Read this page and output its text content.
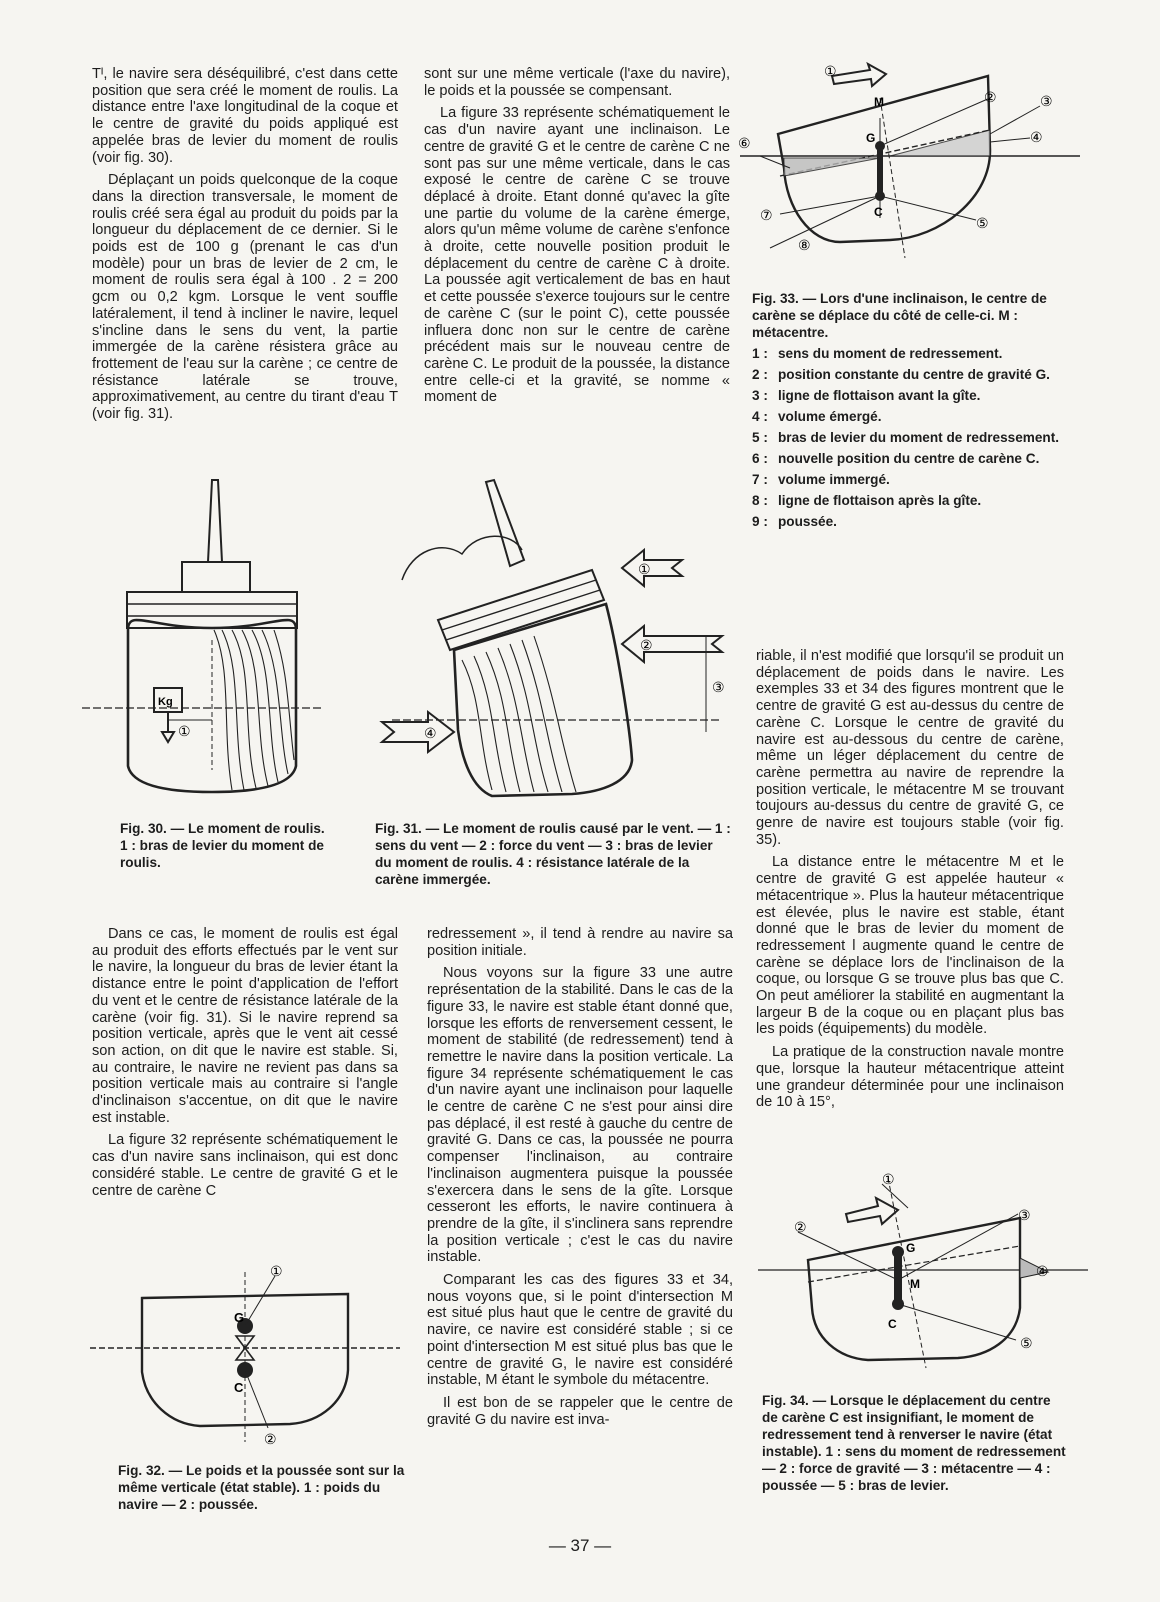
Tᴵ, le navire sera déséquilibré, c'est dans cette position que sera créé le moment de roulis. La distance entre l'axe longitudinal de la coque et le centre de gravité du poids appliqué est appelée bras de levier du moment de roulis (voir fig. 30).

Déplaçant un poids quelconque de la coque dans la direction transversale, le moment de roulis créé sera égal au produit du poids par la longueur du déplacement de ce dernier. Si le poids est de 100 g (prenant le cas d'un modèle) pour un bras de levier de 2 cm, le moment de roulis sera égal à 100 . 2 = 200 gcm ou 0,2 kgm. Lorsque le vent souffle latéralement, il tend à incliner le navire, lequel s'incline dans le sens du vent, la partie immergée de la carène résistera grâce au frottement de l'eau sur la carène ; ce centre de résistance latérale se trouve, approximativement, au centre du tirant d'eau T (voir fig. 31).

sont sur une même verticale (l'axe du navire), le poids et la poussée se compensant.

La figure 33 représente schématiquement le cas d'un navire ayant une inclinaison. Le centre de gravité G et le centre de carène C ne sont pas sur une même verticale, dans le cas exposé le centre de carène C se trouve déplacé à droite. Etant donné qu'avec la gîte une partie du volume de la carène émerge, alors qu'un même volume de carène s'enfonce à droite, cette nouvelle position produit le déplacement du centre de carène C à droite. La poussée agit verticalement de bas en haut et cette poussée s'exerce toujours sur le centre de carène C (sur le point C), cette poussée influera donc non sur le centre de carène précédent mais sur le nouveau centre de carène C. Le produit de la poussée, la distance entre celle-ci et la gravité, se nomme « moment de

M
G
C
①
②	③
④
⑤
⑥
⑦
⑧

Fig. 33. — Lors d'une inclinaison, le centre de carène se déplace du côté de celle-ci. M : métacentre.

1 : sens du moment de redressement.
2 : position constante du centre de gravité G.
3 : ligne de flottaison avant la gîte.
4 : volume émergé.
5 : bras de levier du moment de redressement.
6 : nouvelle position du centre de carène C.
7 : volume immergé.
8 : ligne de flottaison après la gîte.
9 : poussée.
Kg
①

Fig. 30. — Le moment de roulis. 1 : bras de levier du moment de roulis.

①
②
③
④

Fig. 31. — Le moment de roulis causé par le vent. — 1 : sens du vent — 2 : force du vent — 3 : bras de levier du moment de roulis. 4 : résistance latérale de la carène immergée.

riable, il n'est modifié que lorsqu'il se produit un déplacement de poids dans le navire. Les exemples 33 et 34 des figures montrent que le centre de gravité G est au-dessus du centre de carène C. Lorsque le centre de gravité du navire est au-dessous du centre de carène, même un léger déplacement du centre de carène permettra au navire de reprendre la position verticale, le métacentre M se trouvant toujours au-dessus du centre de gravité G, ce genre de navire est toujours stable (voir fig. 35).

La distance entre le métacentre M et le centre de gravité G est appelée hauteur « métacentrique ». Plus la hauteur métacentrique est élevée, plus le navire est stable, étant donné que le bras de levier du moment de redressement l augmente quand le centre de carène se déplace lors de l'inclinaison de la coque, ou lorsque G se trouve plus bas que C. On peut améliorer la stabilité en augmentant la largeur B de la coque ou en plaçant plus bas les poids (équipements) du modèle.

La pratique de la construction navale montre que, lorsque la hauteur métacentrique atteint une grandeur déterminée pour une inclinaison de 10 à 15°,

Dans ce cas, le moment de roulis est égal au produit des efforts effectués par le vent sur le navire, la longueur du bras de levier étant la distance entre le point d'application de l'effort du vent et le centre de résistance latérale de la carène (voir fig. 31). Si le navire reprend sa position verticale, après que le vent ait cessé son action, on dit que le navire est stable. Si, au contraire, le navire ne revient pas dans sa position verticale mais au contraire si l'angle d'inclinaison s'accentue, on dit que le navire est instable.

La figure 32 représente schématiquement le cas d'un navire sans inclinaison, qui est donc considéré stable. Le centre de gravité G et le centre de carène C

G
C
①
②

Fig. 32. — Le poids et la poussée sont sur la même verticale (état stable). 1 : poids du navire — 2 : poussée.

redressement », il tend à rendre au navire sa position initiale.

Nous voyons sur la figure 33 une autre représentation de la stabilité. Dans le cas de la figure 33, le navire est stable étant donné que, lorsque les efforts de renversement cessent, le moment de stabilité (de redressement) tend à remettre le navire dans la position verticale. La figure 34 représente schématiquement le cas d'un navire ayant une inclinaison pour laquelle le centre de carène C ne s'est pour ainsi dire pas déplacé, il est resté à gauche du centre de gravité G. Dans ce cas, la poussée ne pourra compenser l'inclinaison, au contraire l'inclinaison augmentera puisque la poussée s'exercera dans le sens de la gîte. Lorsque cesseront les efforts, le navire continuera à prendre de la gîte, il s'inclinera sans reprendre la position verticale ; c'est le cas du navire instable.

Comparant les cas des figures 33 et 34, nous voyons que, si le point d'intersection M est situé plus haut que le centre de gravité du navire, ce navire est considéré stable ; si ce point d'intersection M est situé plus bas que le centre de gravité G, le navire est considéré instable, M étant le symbole du métacentre.

Il est bon de se rappeler que le centre de gravité G du navire est inva-

G
M
C
①
②
③
④
⑤

Fig. 34. — Lorsque le déplacement du centre de carène C est insignifiant, le moment de redressement tend à renverser le navire (état instable). 1 : sens du moment de redressement — 2 : force de gravité — 3 : métacentre — 4 : poussée — 5 : bras de levier.

— 37 —
